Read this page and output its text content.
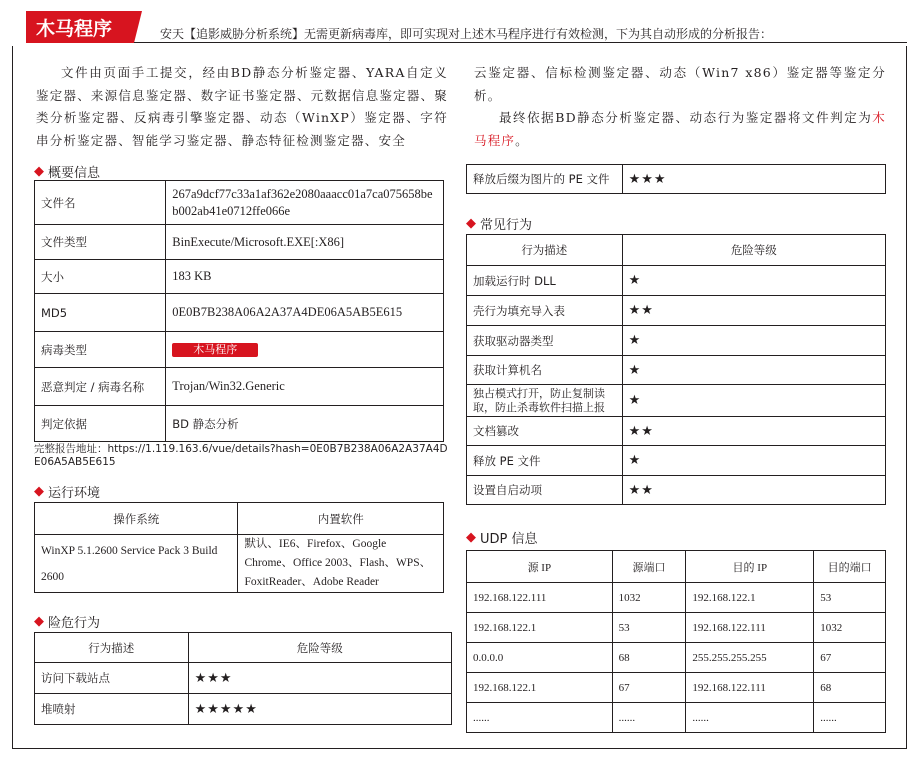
木马程序	安天【追影威胁分析系统】无需更新病毒库，即可实现对上述木马程序进行有效检测，下为其自动形成的分析报告：

文件由页面手工提交，经由BD静态分析鉴定器、YARA自定义鉴定器、来源信息鉴定器、数字证书鉴定器、元数据信息鉴定器、聚类分析鉴定器、反病毒引擎鉴定器、动态（WinXP）鉴定器、字符串分析鉴定器、智能学习鉴定器、静态特征检测鉴定器、安全

云鉴定器、信标检测鉴定器、动态（Win7 x86）鉴定器等鉴定分析。

最终依据BD静态分析鉴定器、动态行为鉴定器将文件判定为木马程序。

◆ 概要信息
文件名	267a9dcf77c33a1af362e2080aaacc01a7ca075658beb002ab41e0712ffe066e
文件类型	BinExecute/Microsoft.EXE[:X86]
大小	183 KB
MD5	0E0B7B238A06A2A37A4DE06A5AB5E615
病毒类型	木马程序
恶意判定 / 病毒名称	Trojan/Win32.Generic
判定依据	BD 静态分析
完整报告地址：https://1.119.163.6/vue/details?hash=0E0B7B238A06A2A37A4DE06A5AB5E615
◆ 运行环境
操作系统	内置软件
WinXP 5.1.2600 Service Pack 3 Build 2600	默认、IE6、Firefox、Google Chrome、Office 2003、Flash、WPS、FoxitReader、Adobe Reader
◆ 险危行为
行为描述	危险等级
访问下载站点	★★★
堆喷射	★★★★★
释放后缀为图片的 PE 文件	★★★
◆ 常见行为
行为描述	危险等级
加载运行时 DLL	★
壳行为填充导入表	★★
获取驱动器类型	★
获取计算机名	★
独占模式打开，防止复制读取，防止杀毒软件扫描上报	★
文档篡改	★★
释放 PE 文件	★
设置自启动项	★★
◆ UDP 信息
源 IP	源端口	目的 IP	目的端口
192.168.122.111	1032	192.168.122.1	53
192.168.122.1	53	192.168.122.111	1032
0.0.0.0	68	255.255.255.255	67
192.168.122.1	67	192.168.122.111	68
......	......	......	......
